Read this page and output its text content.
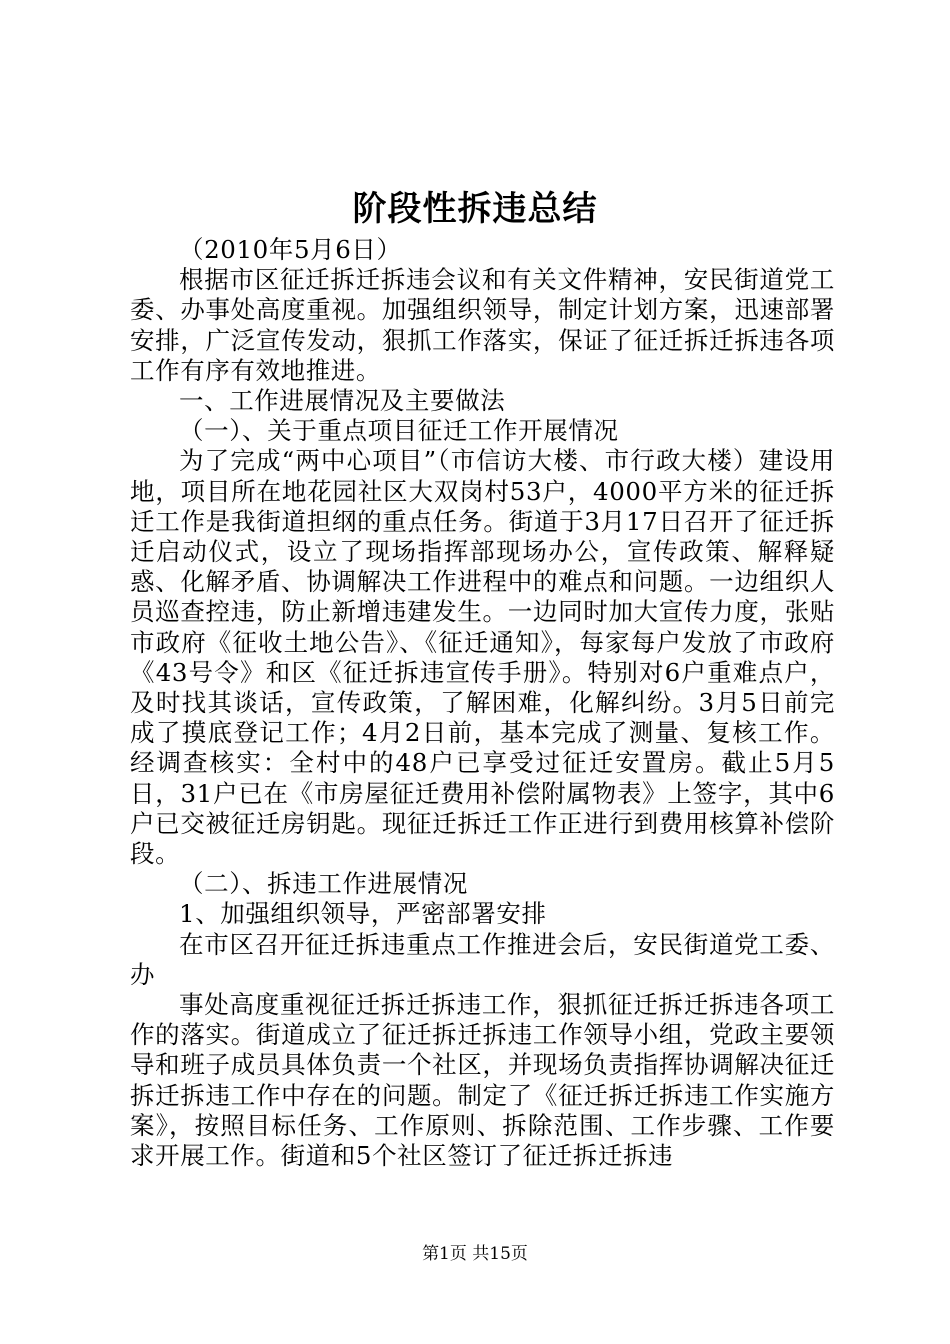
阶段性拆违总结

（2010年5月6日）

根据市区征迁拆迁拆违会议和有关文件精神，安民街道党工委、办事处高度重视。加强组织领导，制定计划方案，迅速部署安排，广泛宣传发动，狠抓工作落实，保证了征迁拆迁拆违各项工作有序有效地推进。

一、工作进展情况及主要做法

（一）、关于重点项目征迁工作开展情况

为了完成“两中心项目”（市信访大楼、市行政大楼）建设用地，项目所在地花园社区大双岗村53户，4000平方米的征迁拆迁工作是我街道担纲的重点任务。街道于3月17日召开了征迁拆迁启动仪式，设立了现场指挥部现场办公，宣传政策、解释疑惑、化解矛盾、协调解决工作进程中的难点和问题。一边组织人员巡查控违，防止新增违建发生。一边同时加大宣传力度，张贴市政府《征收土地公告》、《征迁通知》，每家每户发放了市政府《43号令》和区《征迁拆违宣传手册》。特别对6户重难点户，及时找其谈话，宣传政策，了解困难，化解纠纷。3月5日前完成了摸底登记工作；4月2日前，基本完成了测量、复核工作。经调查核实：全村中的48户已享受过征迁安置房。截止5月5日，31户已在《市房屋征迁费用补偿附属物表》上签字，其中6户已交被征迁房钥匙。现征迁拆迁工作正进行到费用核算补偿阶段。

（二）、拆违工作进展情况

1、加强组织领导，严密部署安排

在市区召开征迁拆违重点工作推进会后，安民街道党工委、办

事处高度重视征迁拆迁拆违工作，狠抓征迁拆迁拆违各项工作的落实。街道成立了征迁拆迁拆违工作领导小组，党政主要领导和班子成员具体负责一个社区，并现场负责指挥协调解决征迁拆迁拆违工作中存在的问题。制定了《征迁拆迁拆违工作实施方案》，按照目标任务、工作原则、拆除范围、工作步骤、工作要求开展工作。街道和5个社区签订了征迁拆迁拆违

第1页 共15页
